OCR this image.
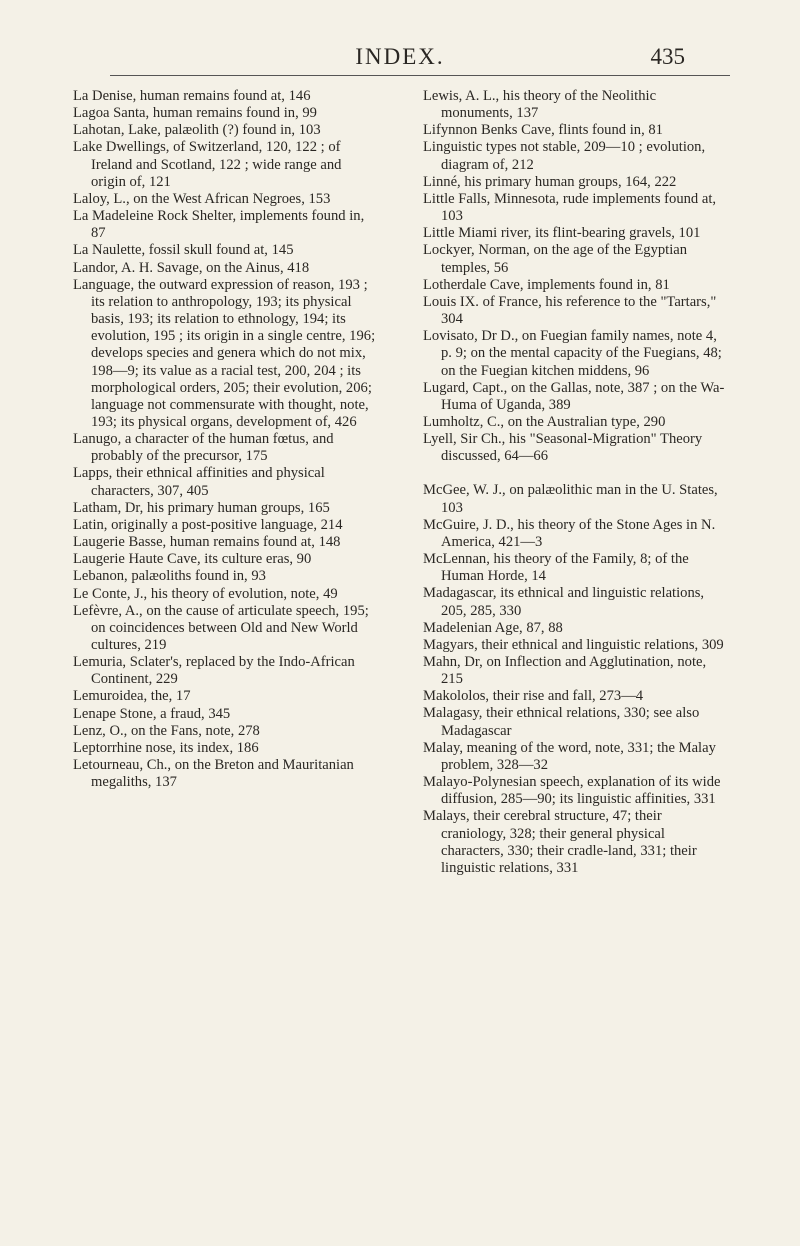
INDEX.	435

La Denise, human remains found at, 146

Lagoa Santa, human remains found in, 99

Lahotan, Lake, palæolith (?) found in, 103

Lake Dwellings, of Switzerland, 120, 122 ; of Ireland and Scotland, 122 ; wide range and origin of, 121

Laloy, L., on the West African Negroes, 153

La Madeleine Rock Shelter, implements found in, 87

La Naulette, fossil skull found at, 145

Landor, A. H. Savage, on the Ainus, 418

Language, the outward expression of reason, 193 ; its relation to anthropology, 193; its physical basis, 193; its relation to ethnology, 194; its evolution, 195 ; its origin in a single centre, 196; develops species and genera which do not mix, 198—9; its value as a racial test, 200, 204 ; its morphological orders, 205; their evolution, 206; language not commensurate with thought, note, 193; its physical organs, development of, 426

Lanugo, a character of the human fœtus, and probably of the precursor, 175

Lapps, their ethnical affinities and physical characters, 307, 405

Latham, Dr, his primary human groups, 165

Latin, originally a post-positive language, 214

Laugerie Basse, human remains found at, 148

Laugerie Haute Cave, its culture eras, 90

Lebanon, palæoliths found in, 93

Le Conte, J., his theory of evolution, note, 49

Lefèvre, A., on the cause of articulate speech, 195; on coincidences between Old and New World cultures, 219

Lemuria, Sclater's, replaced by the Indo-African Continent, 229

Lemuroidea, the, 17

Lenape Stone, a fraud, 345

Lenz, O., on the Fans, note, 278

Leptorrhine nose, its index, 186

Letourneau, Ch., on the Breton and Mauritanian megaliths, 137

Lewis, A. L., his theory of the Neolithic monuments, 137

Lifynnon Benks Cave, flints found in, 81

Linguistic types not stable, 209—10 ; evolution, diagram of, 212

Linné, his primary human groups, 164, 222

Little Falls, Minnesota, rude implements found at, 103

Little Miami river, its flint-bearing gravels, 101

Lockyer, Norman, on the age of the Egyptian temples, 56

Lotherdale Cave, implements found in, 81

Louis IX. of France, his reference to the "Tartars," 304

Lovisato, Dr D., on Fuegian family names, note 4, p. 9; on the mental capacity of the Fuegians, 48; on the Fuegian kitchen middens, 96

Lugard, Capt., on the Gallas, note, 387 ; on the Wa-Huma of Uganda, 389

Lumholtz, C., on the Australian type, 290

Lyell, Sir Ch., his "Seasonal-Migration" Theory discussed, 64—66

McGee, W. J., on palæolithic man in the U. States, 103

McGuire, J. D., his theory of the Stone Ages in N. America, 421—3

McLennan, his theory of the Family, 8; of the Human Horde, 14

Madagascar, its ethnical and linguistic relations, 205, 285, 330

Madelenian Age, 87, 88

Magyars, their ethnical and linguistic relations, 309

Mahn, Dr, on Inflection and Agglutination, note, 215

Makololos, their rise and fall, 273—4

Malagasy, their ethnical relations, 330; see also Madagascar

Malay, meaning of the word, note, 331; the Malay problem, 328—32

Malayo-Polynesian speech, explanation of its wide diffusion, 285—90; its linguistic affinities, 331

Malays, their cerebral structure, 47; their craniology, 328; their general physical characters, 330; their cradle-land, 331; their linguistic relations, 331
